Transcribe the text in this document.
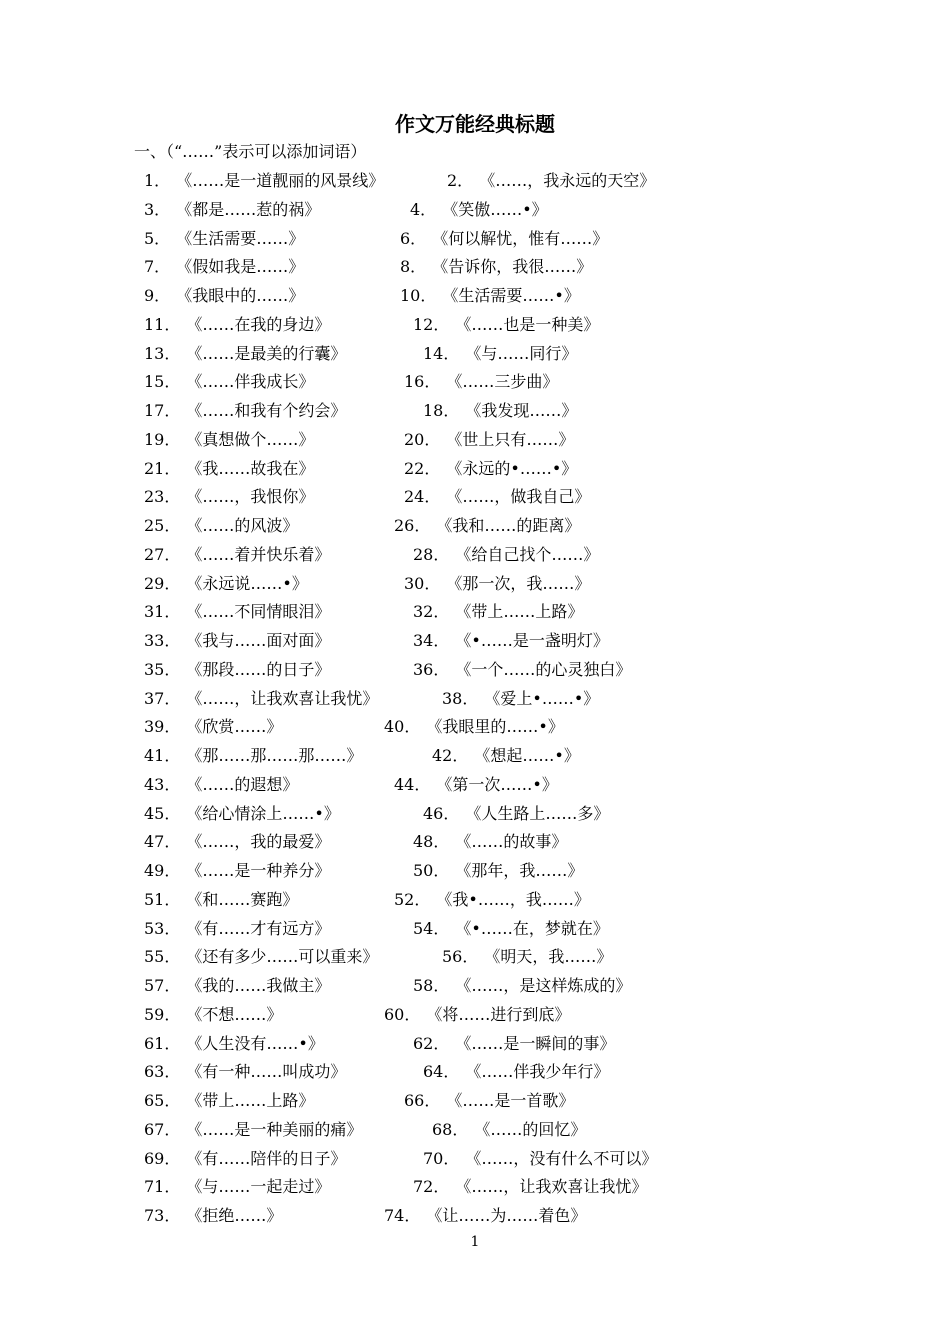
作文万能经典标题
一、（“……”表示可以添加词语）
1． 《……是一道靓丽的风景线》	2． 《……，我永远的天空》
3． 《都是……惹的祸》	4． 《笑傲……•》
5． 《生活需要……》	6． 《何以解忧，惟有……》
7． 《假如我是……》	8． 《告诉你，我很……》
9． 《我眼中的……》	10． 《生活需要……•》
11． 《……在我的身边》	12． 《……也是一种美》
13． 《……是最美的行囊》	14． 《与……同行》
15． 《……伴我成长》	16． 《……三步曲》
17． 《……和我有个约会》	18． 《我发现……》
19． 《真想做个……》	20． 《世上只有……》
21． 《我……故我在》	22． 《永远的•……•》
23． 《……，我恨你》	24． 《……，做我自己》
25． 《……的风波》	26． 《我和……的距离》
27． 《……着并快乐着》	28． 《给自己找个……》
29． 《永远说……•》	30． 《那一次，我……》
31． 《……不同情眼泪》	32． 《带上……上路》
33． 《我与……面对面》	34． 《•……是一盏明灯》
35． 《那段……的日子》	36． 《一个……的心灵独白》
37． 《……，让我欢喜让我忧》	38． 《爱上•……•》
39． 《欣赏……》	40． 《我眼里的……•》
41． 《那……那……那……》	42． 《想起……•》
43． 《……的遐想》	44． 《第一次……•》
45． 《给心情涂上……•》	46． 《人生路上……多》
47． 《……，我的最爱》	48． 《……的故事》
49． 《……是一种养分》	50． 《那年，我……》
51． 《和……赛跑》	52． 《我•……，我……》
53． 《有……才有远方》	54． 《•……在，梦就在》
55． 《还有多少……可以重来》	56． 《明天，我……》
57． 《我的……我做主》	58． 《……，是这样炼成的》
59． 《不想……》	60． 《将……进行到底》
61． 《人生没有……•》	62． 《……是一瞬间的事》
63． 《有一种……叫成功》	64． 《……伴我少年行》
65． 《带上……上路》	66． 《……是一首歌》
67． 《……是一种美丽的痛》	68． 《……的回忆》
69． 《有……陪伴的日子》	70． 《……，没有什么不可以》
71． 《与……一起走过》	72． 《……，让我欢喜让我忧》
73． 《拒绝……》	74． 《让……为……着色》
1
